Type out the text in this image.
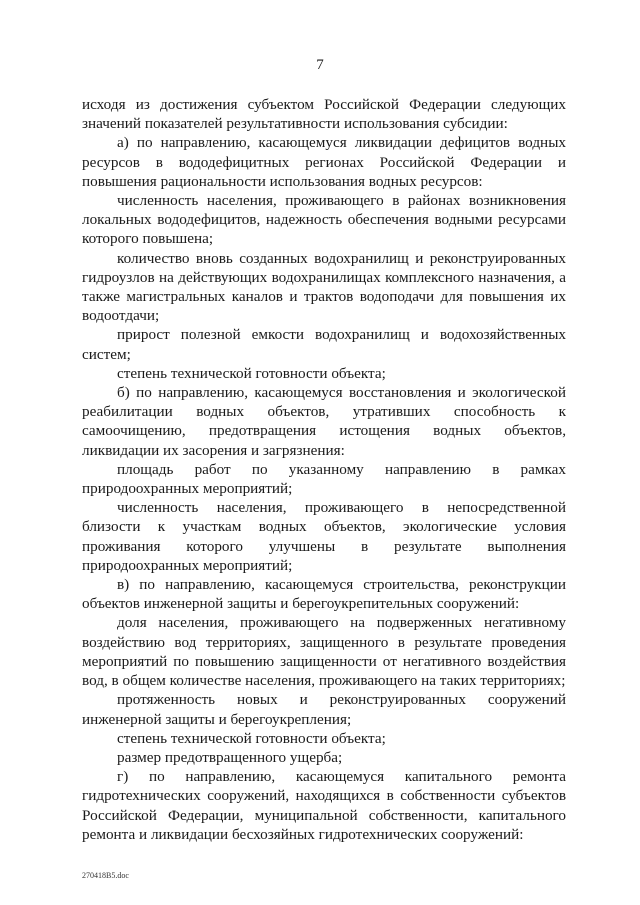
7

исходя из достижения субъектом Российской Федерации следующих значений показателей результативности использования субсидии:

а) по направлению, касающемуся ликвидации дефицитов водных ресурсов в вододефицитных регионах Российской Федерации и повышения рациональности использования водных ресурсов:

численность населения, проживающего в районах возникновения локальных вододефицитов, надежность обеспечения водными ресурсами которого повышена;

количество вновь созданных водохранилищ и реконструированных гидроузлов на действующих водохранилищах комплексного назначения, а также магистральных каналов и трактов водоподачи для повышения их водоотдачи;

прирост полезной емкости водохранилищ и водохозяйственных систем;

степень технической готовности объекта;

б) по направлению, касающемуся восстановления и экологической реабилитации водных объектов, утративших способность к самоочищению, предотвращения истощения водных объектов, ликвидации их засорения и загрязнения:

площадь работ по указанному направлению в рамках природоохранных мероприятий;

численность населения, проживающего в непосредственной близости к участкам водных объектов, экологические условия проживания которого улучшены в результате выполнения природоохранных мероприятий;

в) по направлению, касающемуся строительства, реконструкции объектов инженерной защиты и берегоукрепительных сооружений:

доля населения, проживающего на подверженных негативному воздействию вод территориях, защищенного в результате проведения мероприятий по повышению защищенности от негативного воздействия вод, в общем количестве населения, проживающего на таких территориях;

протяженность новых и реконструированных сооружений инженерной защиты и берегоукрепления;

степень технической готовности объекта;

размер предотвращенного ущерба;

г) по направлению, касающемуся капитального ремонта гидротехнических сооружений, находящихся в собственности субъектов Российской Федерации, муниципальной собственности, капитального ремонта и ликвидации бесхозяйных гидротехнических сооружений:

270418B5.doc
